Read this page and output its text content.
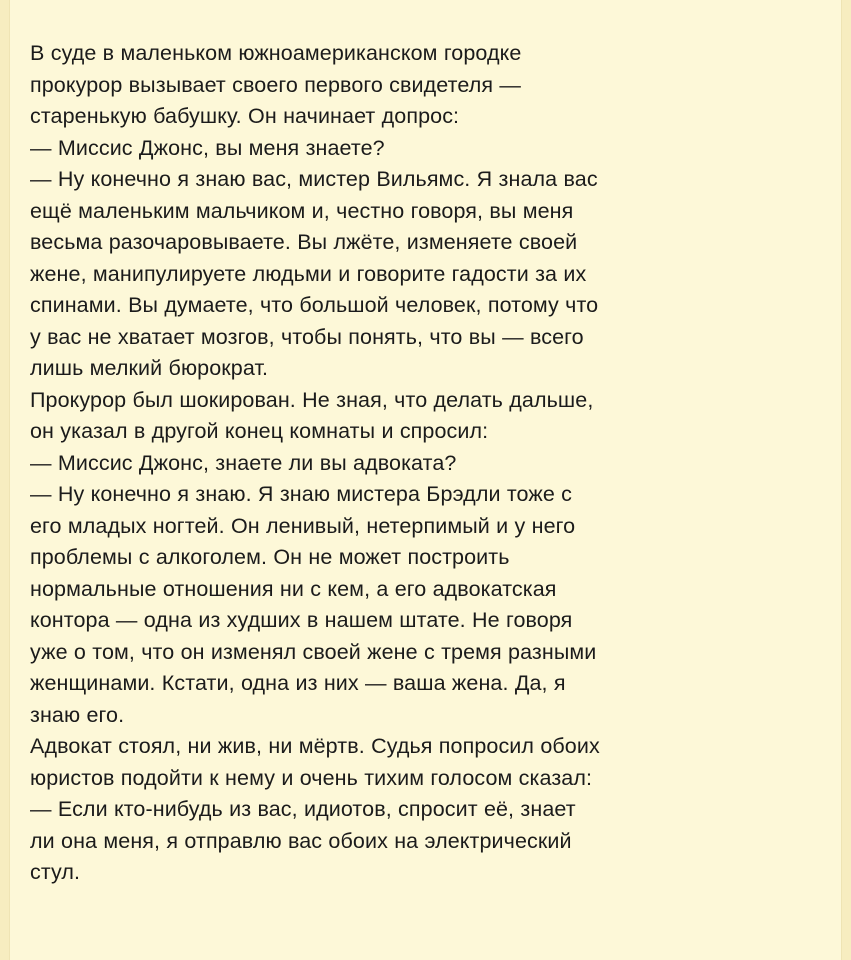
В суде в маленьком южноамериканском городке
прокурор вызывает своего первого свидетеля —
старенькую бабушку. Он начинает допрос:
— Миссис Джонс, вы меня знаете?
— Ну конечно я знаю вас, мистер Вильямс. Я знала вас
ещё маленьким мальчиком и, честно говоря, вы меня
весьма разочаровываете. Вы лжёте, изменяете своей
жене, манипулируете людьми и говорите гадости за их
спинами. Вы думаете, что большой человек, потому что
у вас не хватает мозгов, чтобы понять, что вы — всего
лишь мелкий бюрократ.
Прокурор был шокирован. Не зная, что делать дальше,
он указал в другой конец комнаты и спросил:
— Миссис Джонс, знаете ли вы адвоката?
— Ну конечно я знаю. Я знаю мистера Брэдли тоже с
его младых ногтей. Он ленивый, нетерпимый и у него
проблемы с алкоголем. Он не может построить
нормальные отношения ни с кем, а его адвокатская
контора — одна из худших в нашем штате. Не говоря
уже о том, что он изменял своей жене с тремя разными
женщинами. Кстати, одна из них — ваша жена. Да, я
знаю его.
Адвокат стоял, ни жив, ни мёртв. Судья попросил обоих
юристов подойти к нему и очень тихим голосом сказал:
— Если кто-нибудь из вас, идиотов, спросит её, знает
ли она меня, я отправлю вас обоих на электрический
стул.
